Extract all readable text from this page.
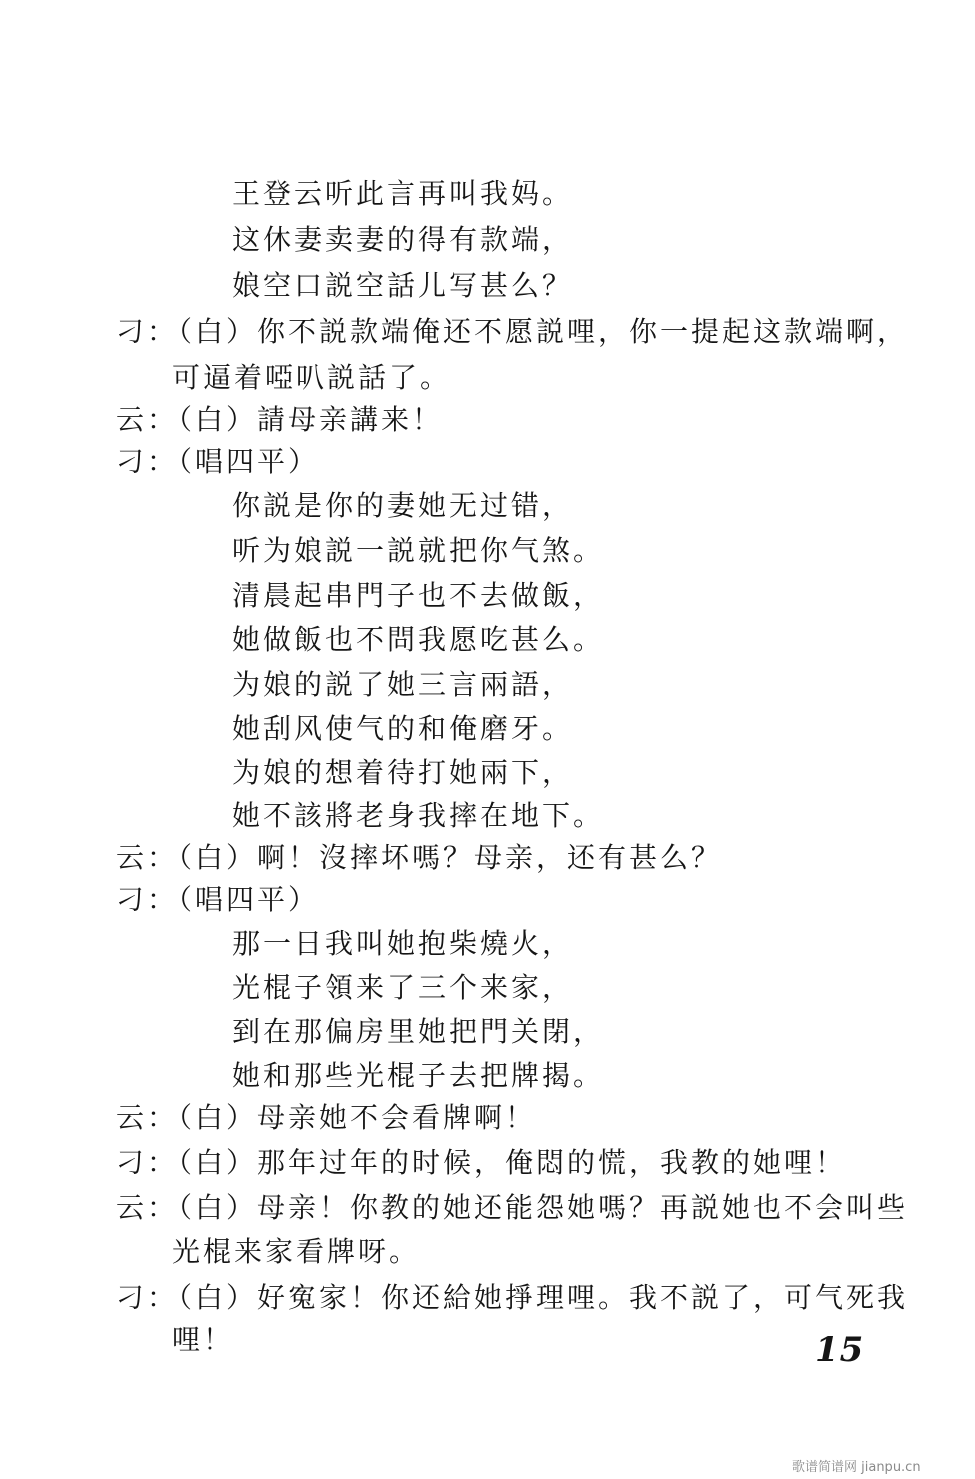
王登云听此言再叫我妈。
这休妻卖妻的得有款端，
娘空口説空話儿写甚么？
刁：（白）你不説款端俺还不愿説哩，你一提起这款端啊，
可逼着啞叭説話了。
云：（白）請母亲講来！
刁：（唱四平）
你説是你的妻她无过错，
听为娘説一説就把你气煞。
清晨起串門子也不去做飯，
她做飯也不問我愿吃甚么。
为娘的説了她三言兩語，
她刮风使气的和俺磨牙。
为娘的想着待打她兩下，
她不該將老身我摔在地下。
云：（白）啊！沒摔坏嗎？母亲，还有甚么？
刁：（唱四平）
那一日我叫她抱柴燒火，
光棍子領来了三个来家，
到在那偏房里她把門关閉，
她和那些光棍子去把牌揭。
云：（白）母亲她不会看牌啊！
刁：（白）那年过年的时候，俺悶的慌，我教的她哩！
云：（白）母亲！你教的她还能怨她嗎？再説她也不会叫些
光棍来家看牌呀。
刁：（白）好寃家！你还給她掙理哩。我不説了，可气死我
哩！	15
歌谱简谱网 jianpu.cn
